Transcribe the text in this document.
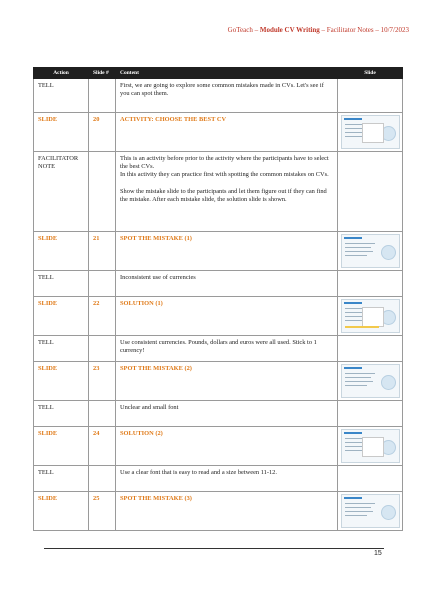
GoTeach – Module CV Writing – Facilitator Notes – 10/7/2023
Action	Slide #	Content	Slide
TELL		First, we are going to explore some common mistakes made in CVs. Let's see if you can spot them.	

SLIDE	20	ACTIVITY: CHOOSE THE BEST CV	

FACILITATOR NOTE		This is an activity before prior to the activity where the participants have to select the best CVs.
In this activity they can practice first with spotting the common mistakes on CVs.

Show the mistake slide to the participants and let them figure out if they can find the mistake. After each mistake slide, the solution slide is shown.	

SLIDE	21	SPOT THE MISTAKE (1)	

TELL		Inconsistent use of currencies	

SLIDE	22	SOLUTION (1)	

TELL		Use consistent currencies. Pounds, dollars and euros were all used. Stick to 1 currency!	

SLIDE	23	SPOT THE MISTAKE (2)	

TELL		Unclear and small font	

SLIDE	24	SOLUTION (2)	

TELL		Use a clear font that is easy to read and a size between 11-12.	

SLIDE	25	SPOT THE MISTAKE (3)	

15
